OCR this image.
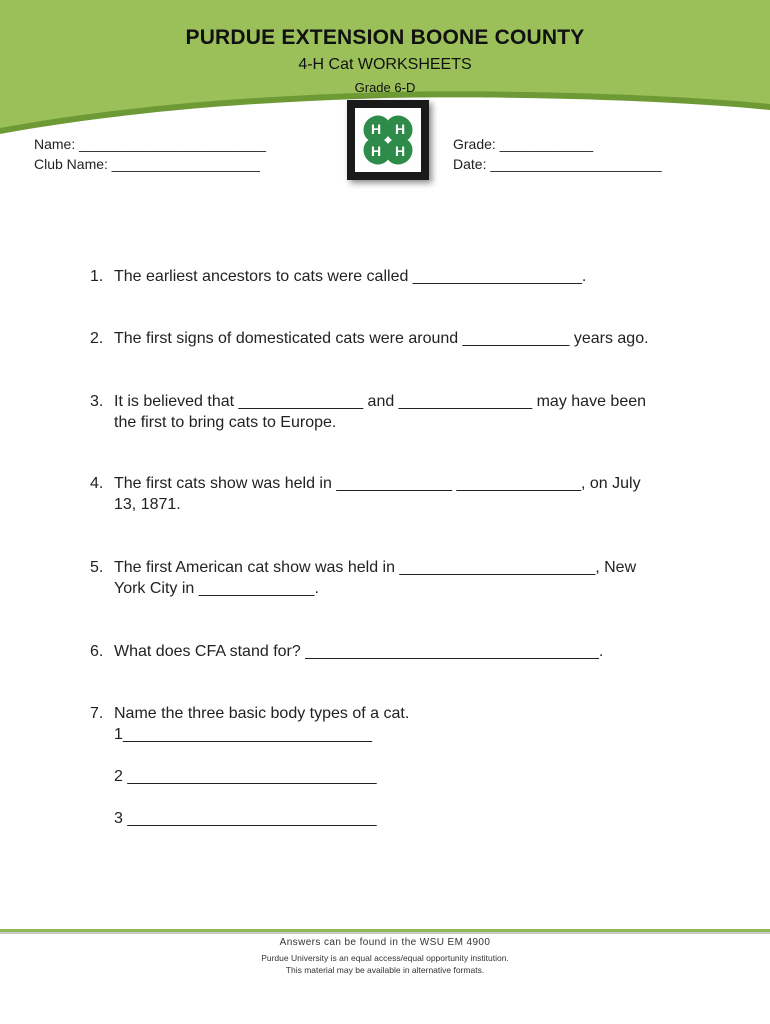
PURDUE EXTENSION BOONE COUNTY
4-H Cat WORKSHEETS
Grade 6-D
H H
H H
Name: ________________________
Club Name: ___________________
Grade: ____________
Date: ______________________
1. The earliest ancestors to cats were called ___________________.
2. The first signs of domesticated cats were around ____________ years ago.
3. It is believed that ______________ and _______________ may have been
the first to bring cats to Europe.
4. The first cats show was held in _____________ ______________, on July
13, 1871.
5. The first American cat show was held in ______________________, New
York City in _____________.
6. What does CFA stand for? _________________________________.
7. Name the three basic body types of a cat.
1____________________________
2 ____________________________
3 ____________________________
Answers can be found in the WSU EM 4900
Purdue University is an equal access/equal opportunity institution.
This material may be available in alternative formats.
